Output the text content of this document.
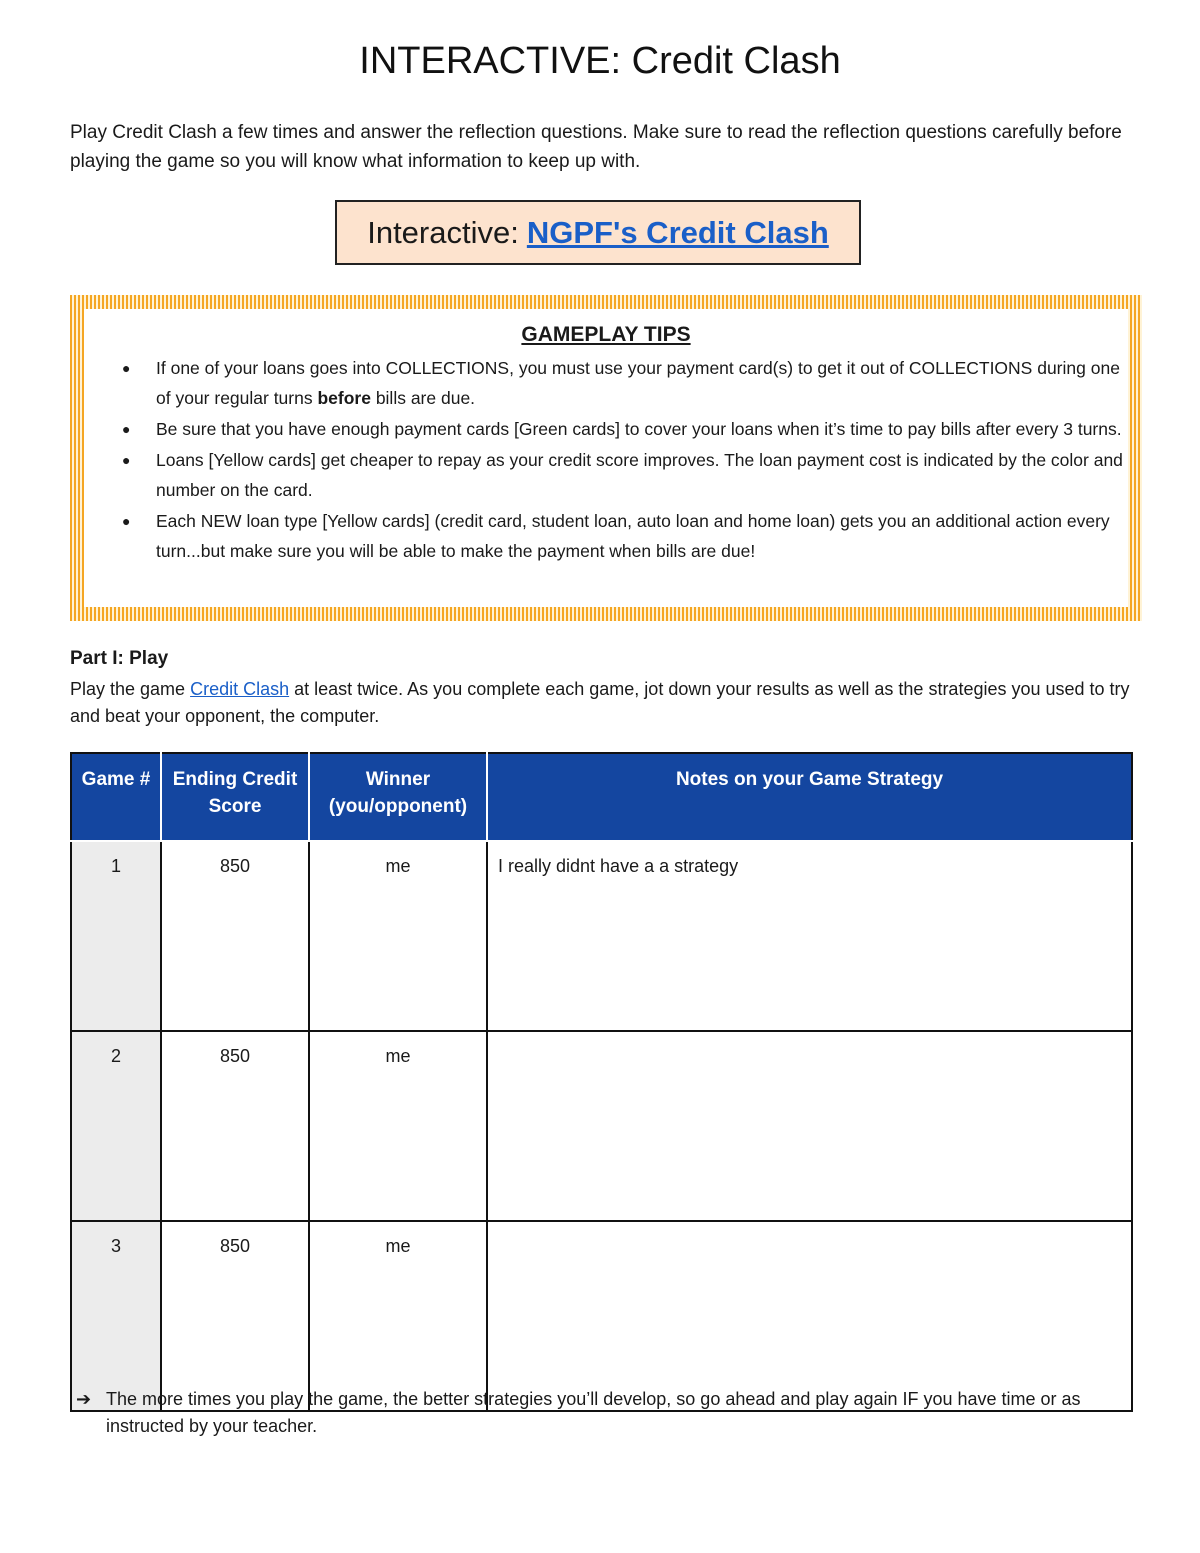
INTERACTIVE: Credit Clash

Play Credit Clash a few times and answer the reflection questions. Make sure to read the reflection questions carefully before playing the game so you will know what information to keep up with.

Interactive: NGPF's Credit Clash
GAMEPLAY TIPS
● If one of your loans goes into COLLECTIONS, you must use your payment card(s) to get it out of COLLECTIONS during one of your regular turns before bills are due.
● Be sure that you have enough payment cards [Green cards] to cover your loans when it’s time to pay bills after every 3 turns.
● Loans [Yellow cards] get cheaper to repay as your credit score improves. The loan payment cost is indicated by the color and number on the card.
● Each NEW loan type [Yellow cards] (credit card, student loan, auto loan and home loan) gets you an additional action every turn...but make sure you will be able to make the payment when bills are due!
Part I: Play

Play the game Credit Clash at least twice. As you complete each game, jot down your results as well as the strategies you used to try and beat your opponent, the computer.

Game #	Ending Credit Score	Winner (you/opponent)	Notes on your Game Strategy
1	850	me	I really didnt have a a strategy
2	850	me	
3	850	me	

➔ The more times you play the game, the better strategies you’ll develop, so go ahead and play again IF you have time or as instructed by your teacher.
